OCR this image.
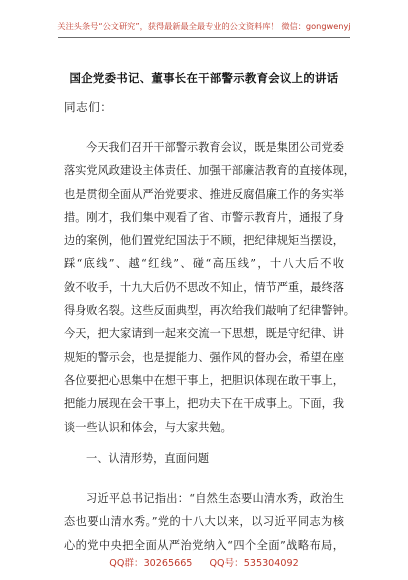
关注头条号“公文研究”，获得最新最全最专业的公文资料库！ 微信：gongwenyj
国企党委书记、董事长在干部警示教育会议上的讲话
同志们：
今天我们召开干部警示教育会议，既是集团公司党委
落实党风政建设主体责任、加强干部廉洁教育的直接体现，
也是贯彻全面从严治党要求、推进反腐倡廉工作的务实举
措。刚才，我们集中观看了省、市警示教育片，通报了身
边的案例，他们置党纪国法于不顾，把纪律规矩当摆设，
踩“底线”、越“红线”、碰“高压线”，十八大后不收
敛不收手，十九大后仍不思改不知止，情节严重，最终落
得身败名裂。这些反面典型，再次给我们敲响了纪律警钟。
今天，把大家请到一起来交流一下思想，既是守纪律、讲
规矩的警示会，也是提能力、强作风的督办会，希望在座
各位要把心思集中在想干事上，把胆识体现在敢干事上，
把能力展现在会干事上，把功夫下在干成事上。下面，我
谈一些认识和体会，与大家共勉。
一、认清形势，直面问题
习近平总书记指出：“自然生态要山清水秀，政治生
态也要山清水秀。”党的十八大以来，以习近平同志为核
心的党中央把全面从严治党纳入“四个全面”战略布局，
QQ群：30265665 QQ号：535304092
